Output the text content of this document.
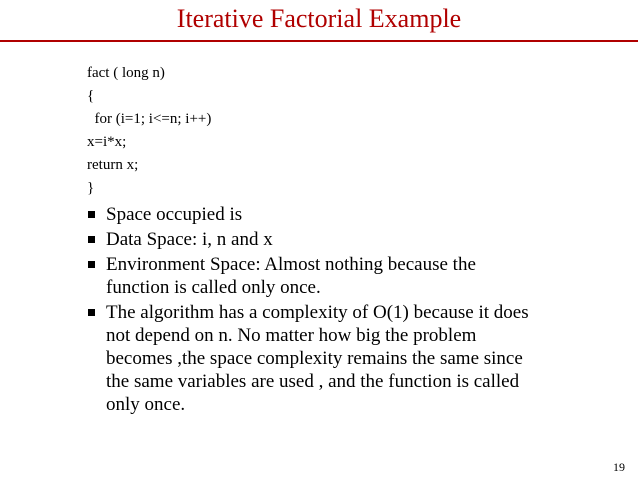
Iterative Factorial Example
fact ( long n)
{
for (i=1; i<=n; i++)
x=i*x;
return x;
}
Space occupied is
Data Space: i, n and x
Environment Space: Almost nothing because the
function is called only once.
The algorithm has a complexity of O(1) because it does
not depend on n. No matter how big the problem
becomes ,the space complexity remains the same since
the same variables are used , and the function is called
only once.
19
